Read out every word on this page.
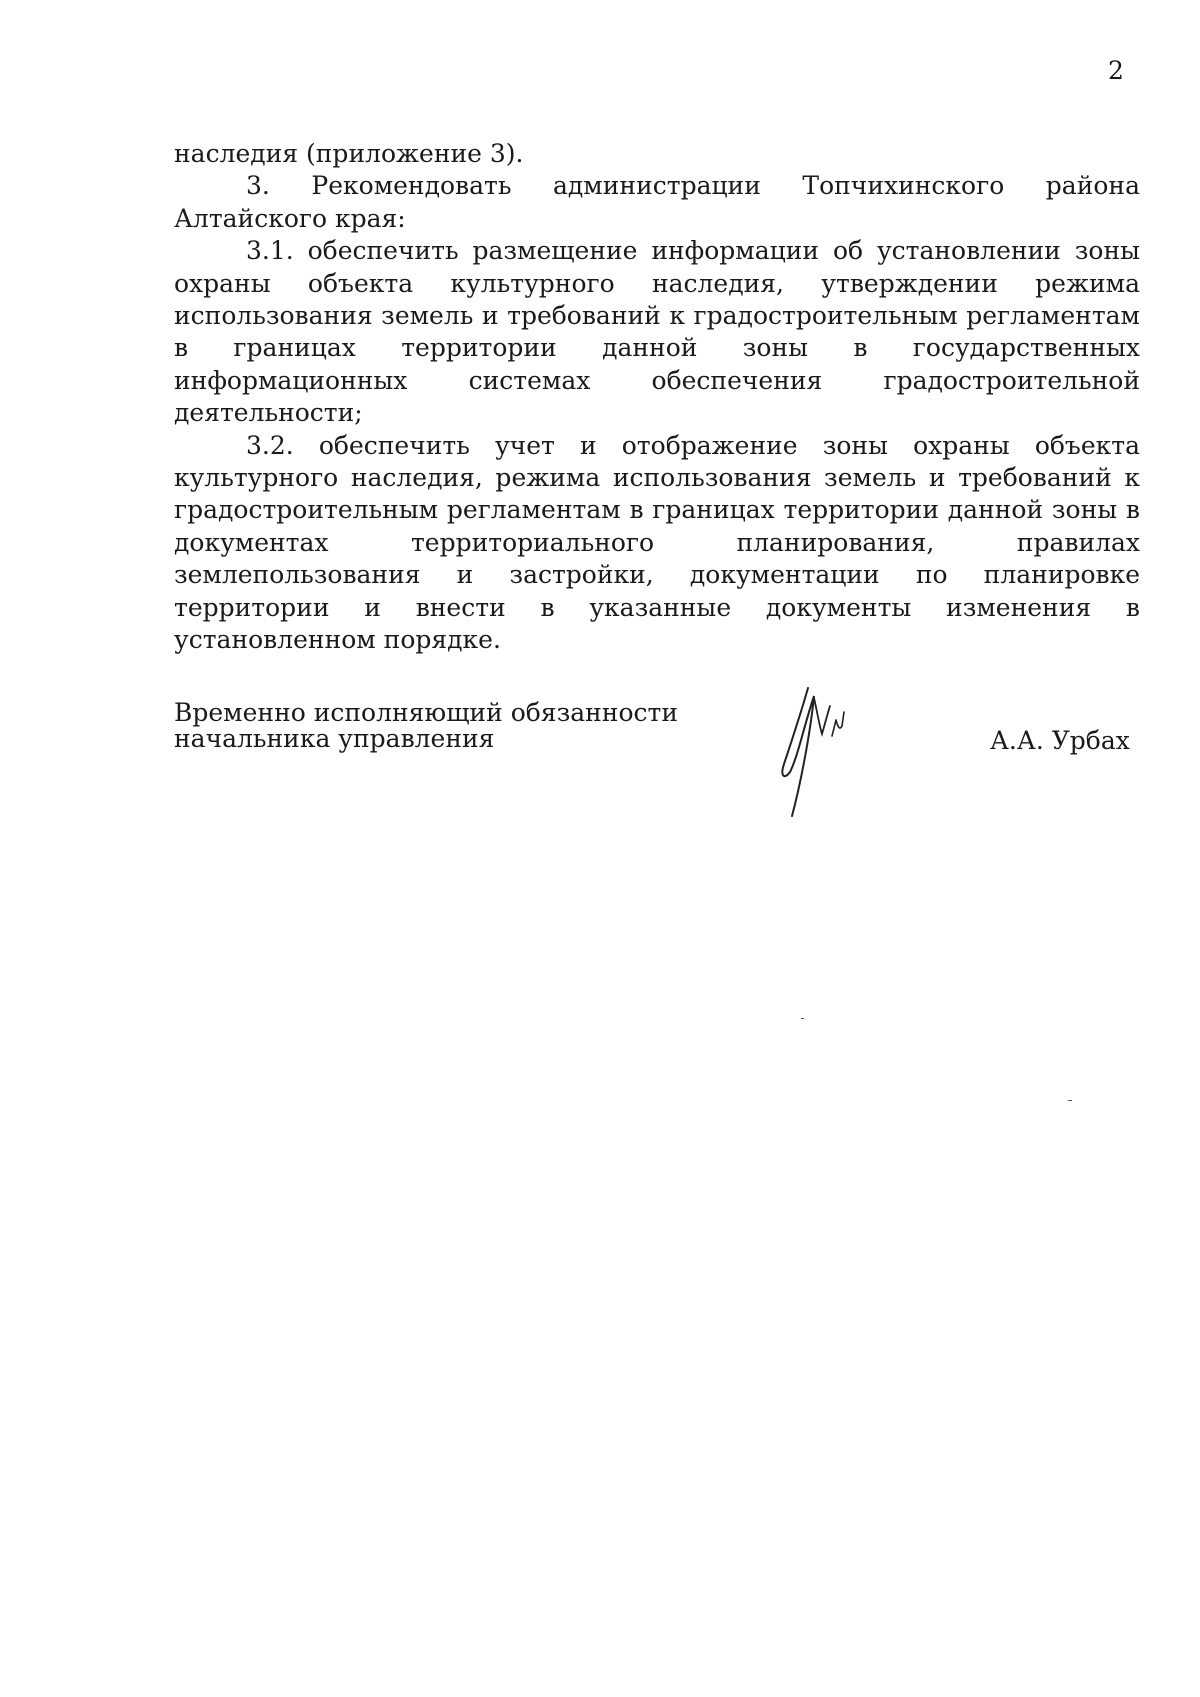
2

наследия (приложение 3).

3. Рекомендовать администрации Топчихинского района Алтайского края:

3.1. обеспечить размещение информации об установлении зоны охраны объекта культурного наследия, утверждении режима использования земель и требований к градостроительным регламентам в границах территории данной зоны в государственных информационных системах обеспечения градостроительной деятельности;

3.2. обеспечить учет и отображение зоны охраны объекта культурного наследия, режима использования земель и требований к градостроительным регламентам в границах территории данной зоны в документах территориального планирования, правилах землепользования и застройки, документации по планировке территории и внести в указанные документы изменения в установленном порядке.

Временно исполняющий обязанности
начальника управления	А.А. Урбах
